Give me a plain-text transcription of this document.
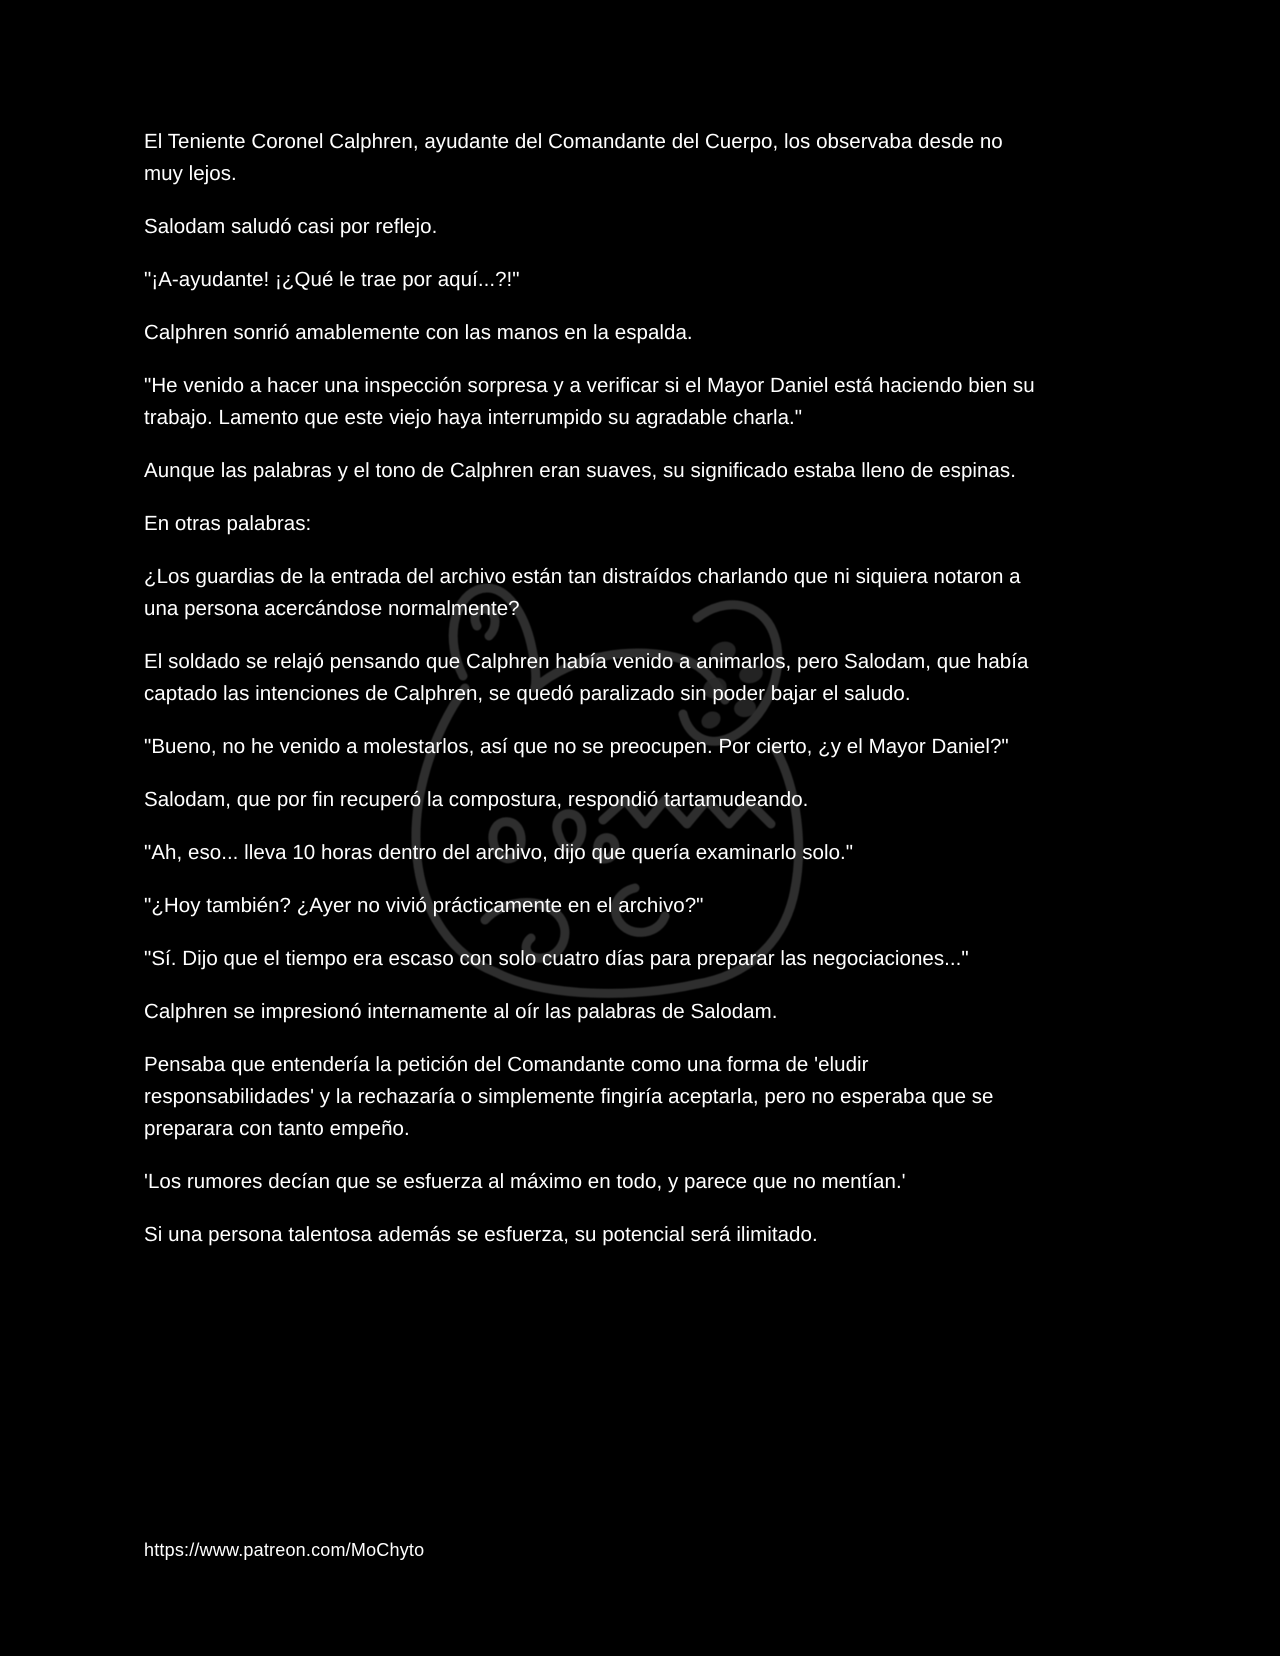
El Teniente Coronel Calphren, ayudante del Comandante del Cuerpo, los observaba desde no muy lejos.

Salodam saludó casi por reflejo.

"¡A-ayudante! ¡¿Qué le trae por aquí...?!"

Calphren sonrió amablemente con las manos en la espalda.

"He venido a hacer una inspección sorpresa y a verificar si el Mayor Daniel está haciendo bien su trabajo. Lamento que este viejo haya interrumpido su agradable charla."

Aunque las palabras y el tono de Calphren eran suaves, su significado estaba lleno de espinas.

En otras palabras:

¿Los guardias de la entrada del archivo están tan distraídos charlando que ni siquiera notaron a una persona acercándose normalmente?

El soldado se relajó pensando que Calphren había venido a animarlos, pero Salodam, que había captado las intenciones de Calphren, se quedó paralizado sin poder bajar el saludo.

"Bueno, no he venido a molestarlos, así que no se preocupen. Por cierto, ¿y el Mayor Daniel?"

Salodam, que por fin recuperó la compostura, respondió tartamudeando.

"Ah, eso... lleva 10 horas dentro del archivo, dijo que quería examinarlo solo."

"¿Hoy también? ¿Ayer no vivió prácticamente en el archivo?"

"Sí. Dijo que el tiempo era escaso con solo cuatro días para preparar las negociaciones..."

Calphren se impresionó internamente al oír las palabras de Salodam.

Pensaba que entendería la petición del Comandante como una forma de 'eludir responsabilidades' y la rechazaría o simplemente fingiría aceptarla, pero no esperaba que se preparara con tanto empeño.

'Los rumores decían que se esfuerza al máximo en todo, y parece que no mentían.'

Si una persona talentosa además se esfuerza, su potencial será ilimitado.

https://www.patreon.com/MoChyto
